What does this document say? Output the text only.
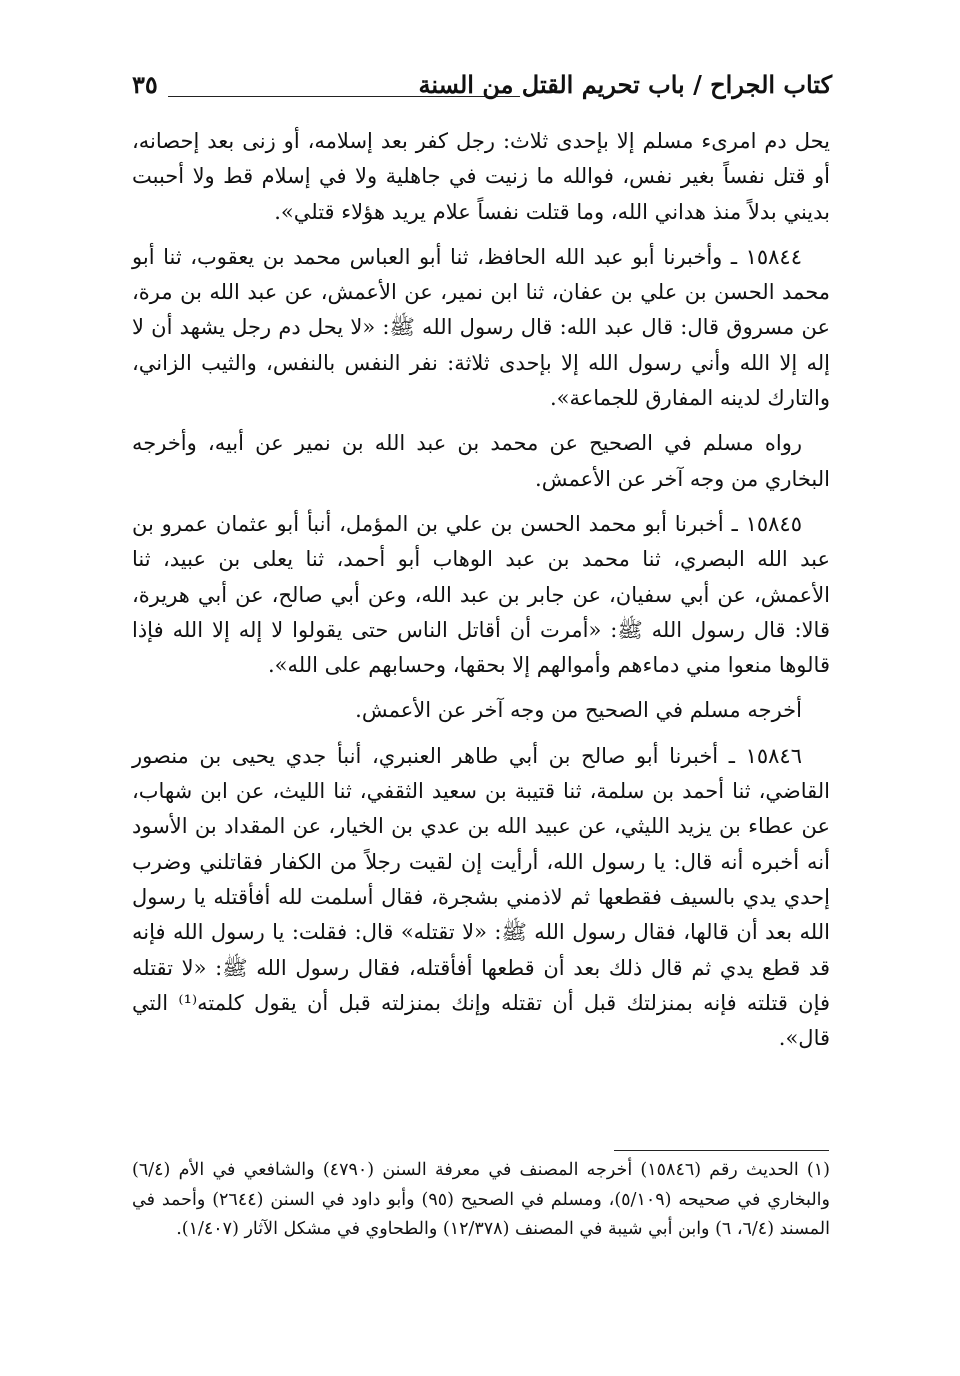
كتاب الجراح / باب تحريم القتل من السنة
٣٥

يحل دم امرىء مسلم إلا بإحدى ثلاث: رجل كفر بعد إسلامه، أو زنى بعد إحصانه، أو قتل نفساً بغير نفس، فوالله ما زنيت في جاهلية ولا في إسلام قط ولا أحببت بديني بدلاً منذ هداني الله، وما قتلت نفساً علام يريد هؤلاء قتلي».

١٥٨٤٤ ـ وأخبرنا أبو عبد الله الحافظ، ثنا أبو العباس محمد بن يعقوب، ثنا أبو محمد الحسن بن علي بن عفان، ثنا ابن نمير، عن الأعمش، عن عبد الله بن مرة، عن مسروق قال: قال عبد الله: قال رسول الله ﷺ: «لا يحل دم رجل يشهد أن لا إله إلا الله وأني رسول الله إلا بإحدى ثلاثة: نفر النفس بالنفس، والثيب الزاني، والتارك لدينه المفارق للجماعة».

رواه مسلم في الصحيح عن محمد بن عبد الله بن نمير عن أبيه، وأخرجه البخاري من وجه آخر عن الأعمش.

١٥٨٤٥ ـ أخبرنا أبو محمد الحسن بن علي بن المؤمل، أنبأ أبو عثمان عمرو بن عبد الله البصري، ثنا محمد بن عبد الوهاب أبو أحمد، ثنا يعلى بن عبيد، ثنا الأعمش، عن أبي سفيان، عن جابر بن عبد الله، وعن أبي صالح، عن أبي هريرة، قالا: قال رسول الله ﷺ: «أمرت أن أقاتل الناس حتى يقولوا لا إله إلا الله فإذا قالوها منعوا مني دماءهم وأموالهم إلا بحقها، وحسابهم على الله».

أخرجه مسلم في الصحيح من وجه آخر عن الأعمش.

١٥٨٤٦ ـ أخبرنا أبو صالح بن أبي طاهر العنبري، أنبأ جدي يحيى بن منصور القاضي، ثنا أحمد بن سلمة، ثنا قتيبة بن سعيد الثقفي، ثنا الليث، عن ابن شهاب، عن عطاء بن يزيد الليثي، عن عبيد الله بن عدي بن الخيار، عن المقداد بن الأسود أنه أخبره أنه قال: يا رسول الله، أرأيت إن لقيت رجلاً من الكفار فقاتلني وضرب إحدي يدي بالسيف فقطعها ثم لاذمني بشجرة، فقال أسلمت لله أفأقتله يا رسول الله بعد أن قالها، فقال رسول الله ﷺ: «لا تقتله» قال: فقلت: يا رسول الله فإنه قد قطع يدي ثم قال ذلك بعد أن قطعها أفأقتله، فقال رسول الله ﷺ: «لا تقتله فإن قتلته فإنه بمنزلتك قبل أن تقتله وإنك بمنزلته قبل أن يقول كلمته⁽¹⁾ التي قال».

(١) الحديث رقم (١٥٨٤٦) أخرجه المصنف في معرفة السنن (٤٧٩٠) والشافعي في الأم (٦/٤) والبخاري في صحيحه (٥/١٠٩)، ومسلم في الصحيح (٩٥) وأبو داود في السنن (٢٦٤٤) وأحمد في المسند (٦/٤، ٦) وابن أبي شيبة في المصنف (١٢/٣٧٨) والطحاوي في مشكل الآثار (١/٤٠٧).
